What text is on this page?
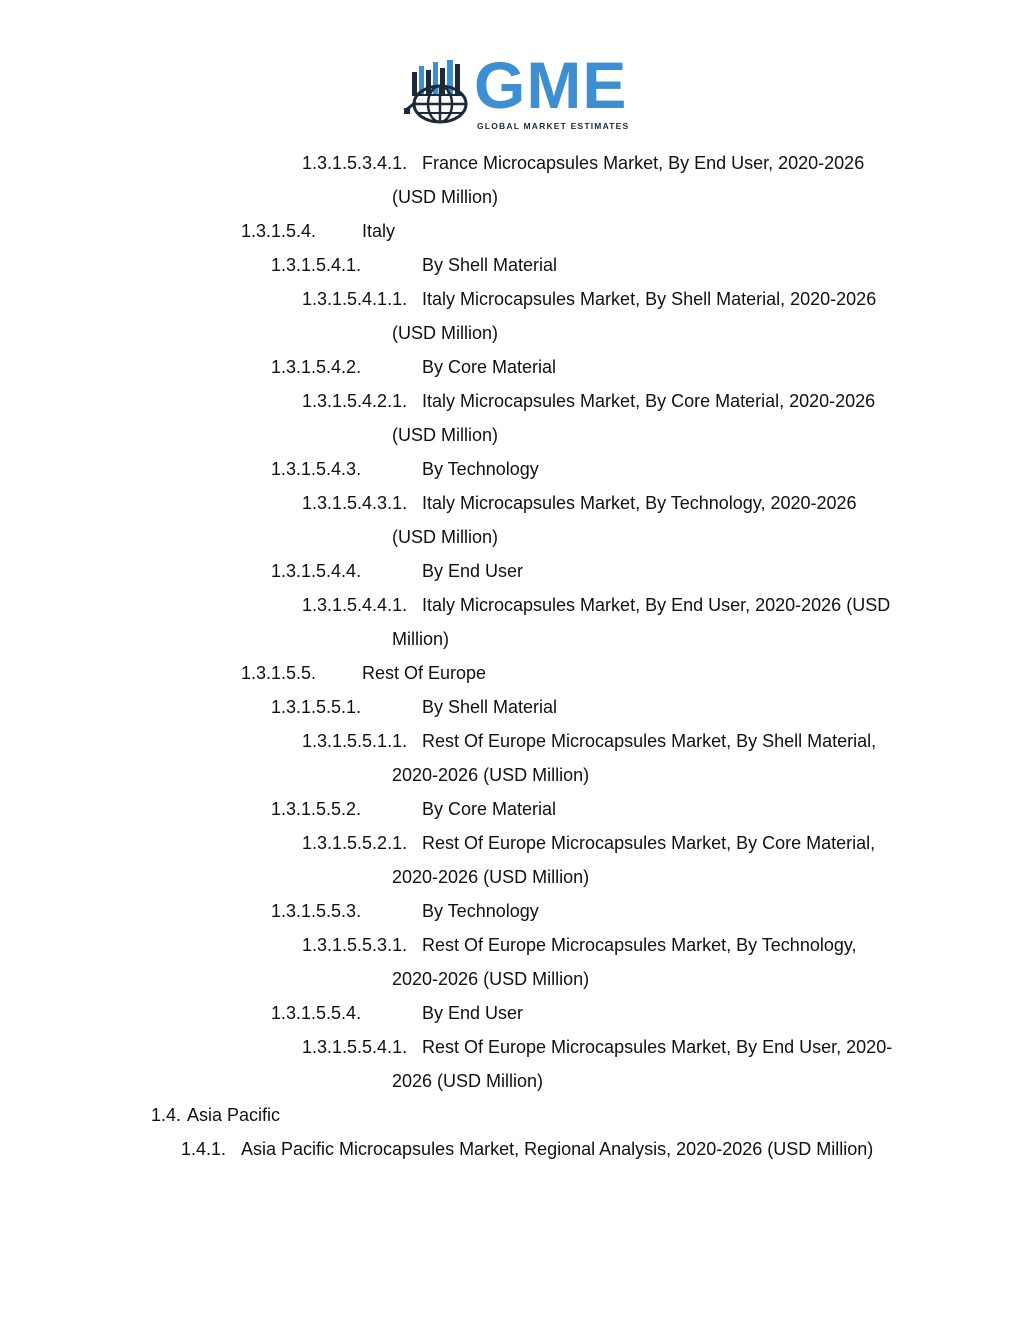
GME
GLOBAL MARKET ESTIMATES
1.3.1.5.3.4.1. France Microcapsules Market, By End User, 2020-2026
(USD Million)
1.3.1.5.4.	Italy
1.3.1.5.4.1.	By Shell Material
1.3.1.5.4.1.1. Italy Microcapsules Market, By Shell Material, 2020-2026
(USD Million)
1.3.1.5.4.2.	By Core Material
1.3.1.5.4.2.1. Italy Microcapsules Market, By Core Material, 2020-2026
(USD Million)
1.3.1.5.4.3.	By Technology
1.3.1.5.4.3.1. Italy Microcapsules Market, By Technology, 2020-2026
(USD Million)
1.3.1.5.4.4.	By End User
1.3.1.5.4.4.1. Italy Microcapsules Market, By End User, 2020-2026 (USD
Million)
1.3.1.5.5.	Rest Of Europe
1.3.1.5.5.1.	By Shell Material
1.3.1.5.5.1.1. Rest Of Europe Microcapsules Market, By Shell Material,
2020-2026 (USD Million)
1.3.1.5.5.2.	By Core Material
1.3.1.5.5.2.1. Rest Of Europe Microcapsules Market, By Core Material,
2020-2026 (USD Million)
1.3.1.5.5.3.	By Technology
1.3.1.5.5.3.1. Rest Of Europe Microcapsules Market, By Technology,
2020-2026 (USD Million)
1.3.1.5.5.4.	By End User
1.3.1.5.5.4.1. Rest Of Europe Microcapsules Market, By End User, 2020-
2026 (USD Million)
1.4. Asia Pacific
1.4.1. Asia Pacific Microcapsules Market, Regional Analysis, 2020-2026 (USD Million)
